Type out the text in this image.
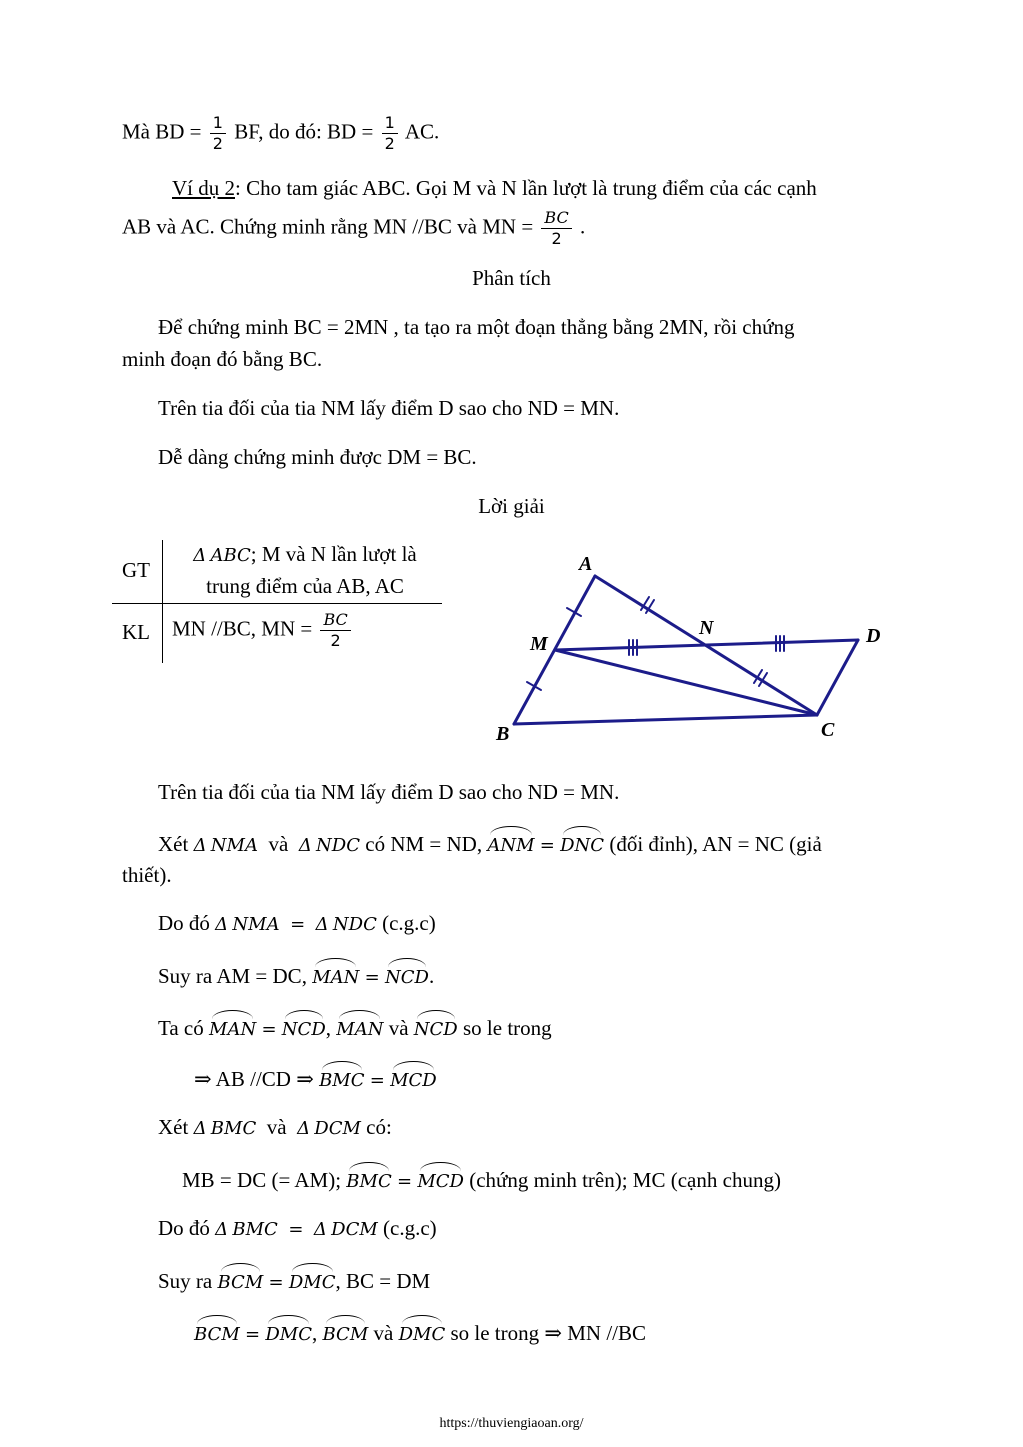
Mà BD = $\frac{1}{2}$ BF, do đó: BD = $\frac{1}{2}$ AC.
Ví dụ 2: Cho tam giác ABC. Gọi M và N lần lượt là trung điểm của các cạnh
AB và AC. Chứng minh rằng MN //BC và MN = $\frac{BC}{2}$ .
Phân tích
Để chứng minh BC = 2MN , ta tạo ra một đoạn thẳng bằng 2MN, rồi chứng
minh đoạn đó bằng BC.
Trên tia đối của tia NM lấy điểm D sao cho ND = MN.
Dễ dàng chứng minh được DM = BC.
Lời giải
GT
Δ  ABC; M và N lần lượt là
trung điểm của AB, AC
KL MN //BC, MN = $\frac{BC}{2}$
A
B	C
D
M
N
Trên tia đối của tia NM lấy điểm D sao cho ND = MN.
Xét Δ  NMA và Δ  NDC có NM = ND, ANM = DNC (đối đỉnh), AN = NC (giả
thiết).
Do đó Δ  NMA = Δ  NDC (c.g.c)
Suy ra AM = DC, MAN = NCD.
Ta có MAN = NCD, MAN và NCD so le trong
⇒ AB //CD ⇒ BMC = MCD
Xét Δ  BMC và Δ  DCM có:
MB = DC (= AM); BMC = MCD (chứng minh trên); MC (cạnh chung)
Do đó Δ  BMC = Δ  DCM (c.g.c)
Suy ra BCM = DMC, BC = DM
BCM = DMC, BCM và DMC so le trong ⇒ MN //BC
https://thuviengiaoan.org/
